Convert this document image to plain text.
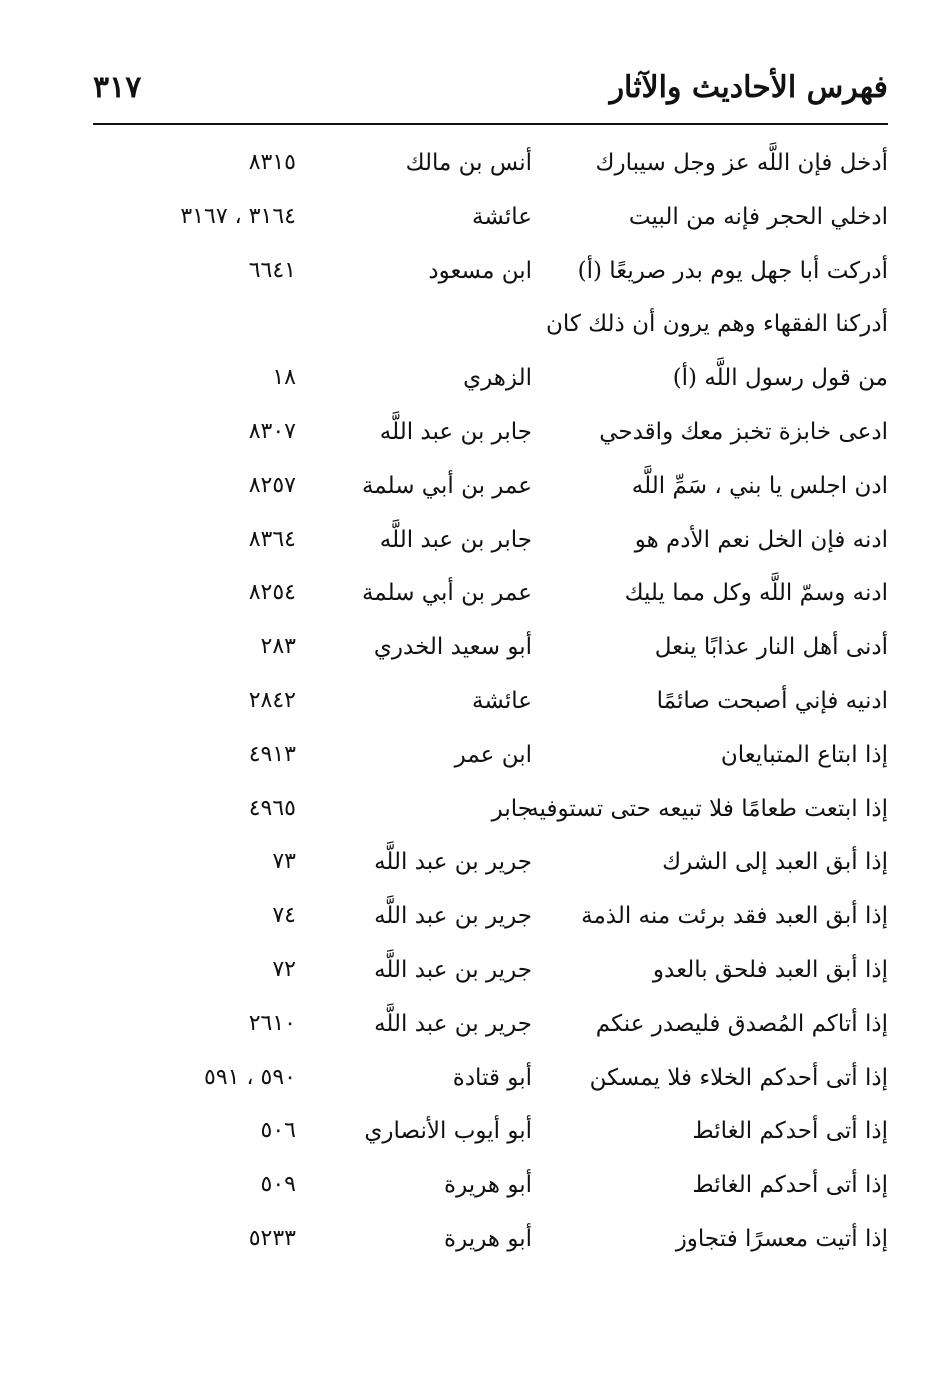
فهرس الأحاديث والآثار
٣١٧
أدخل فإن اللَّه عز وجل سيبارك
أنس بن مالك
٨٣١٥
ادخلي الحجر فإنه من البيت
عائشة
٣١٦٤ ، ٣١٦٧
أدركت أبا جهل يوم بدر صريعًا (أ)
ابن مسعود
٦٦٤١
أدركنا الفقهاء وهم يرون أن ذلك كان
من قول رسول اللَّه (أ)
الزهري
١٨
ادعى خابزة تخبز معك واقدحي
جابر بن عبد اللَّه
٨٣٠٧
ادن اجلس يا بني ، سَمِّ اللَّه
عمر بن أبي سلمة
٨٢٥٧
ادنه فإن الخل نعم الأدم هو
جابر بن عبد اللَّه
٨٣٦٤
ادنه وسمّ اللَّه وكل مما يليك
عمر بن أبي سلمة
٨٢٥٤
أدنى أهل النار عذابًا ينعل
أبو سعيد الخدري
٢٨٣
ادنيه فإني أصبحت صائمًا
عائشة
٢٨٤٢
إذا ابتاع المتبايعان
ابن عمر
٤٩١٣
إذا ابتعت طعامًا فلا تبيعه حتى تستوفيه
جابر
٤٩٦٥
إذا أبق العبد إلى الشرك
جرير بن عبد اللَّه
٧٣
إذا أبق العبد فقد برئت منه الذمة
جرير بن عبد اللَّه
٧٤
إذا أبق العبد فلحق بالعدو
جرير بن عبد اللَّه
٧٢
إذا أتاكم المُصدق فليصدر عنكم
جرير بن عبد اللَّه
٢٦١٠
إذا أتى أحدكم الخلاء فلا يمسكن
أبو قتادة
٥٩٠ ، ٥٩١
إذا أتى أحدكم الغائط
أبو أيوب الأنصاري
٥٠٦
إذا أتى أحدكم الغائط
أبو هريرة
٥٠٩
إذا أتيت معسرًا فتجاوز
أبو هريرة
٥٢٣٣
